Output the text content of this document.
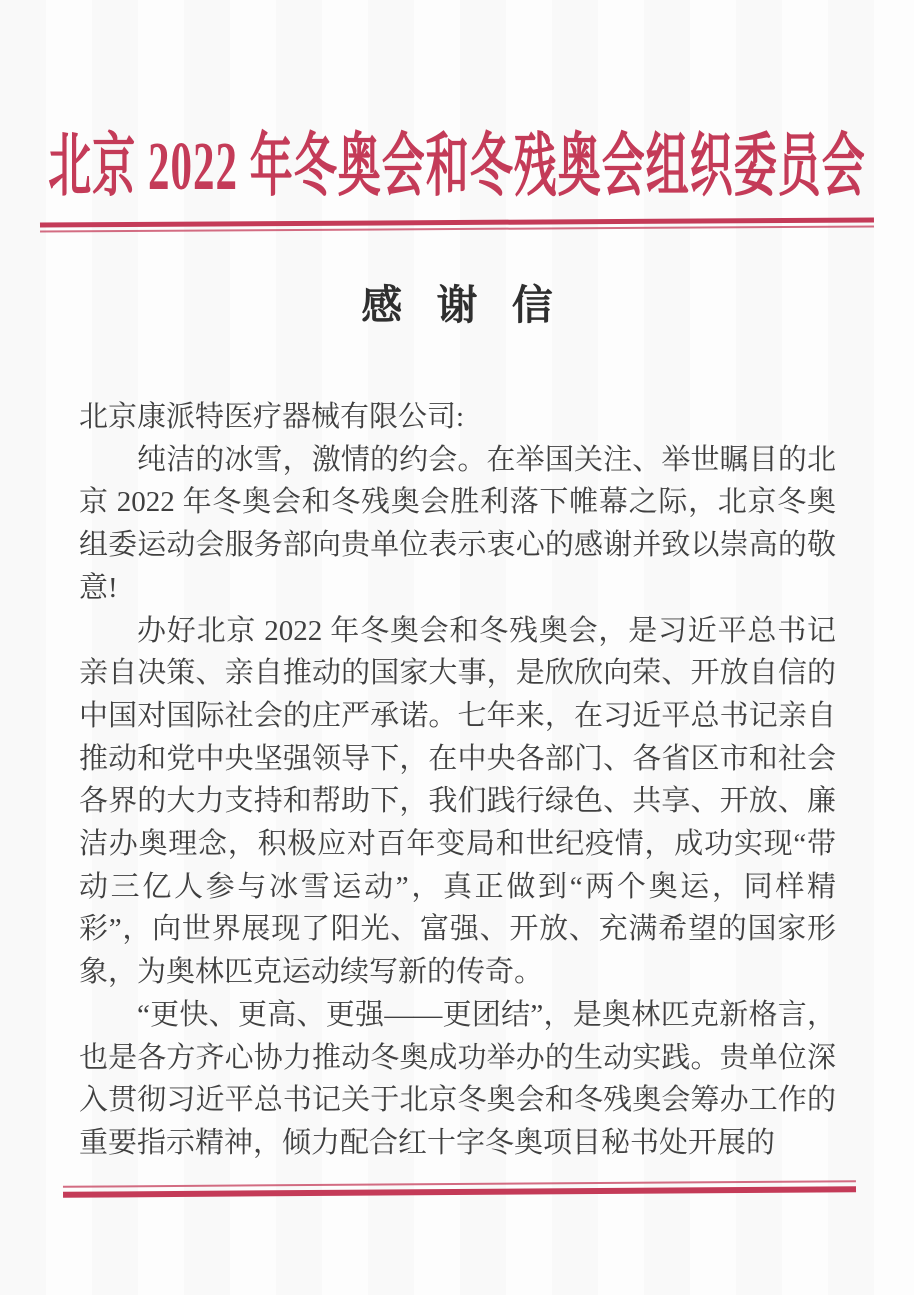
北京 2022 年冬奥会和冬残奥会组织委员会
感 谢 信

北京康派特医疗器械有限公司:

纯洁的冰雪，激情的约会。在举国关注、举世瞩目的北京 2022 年冬奥会和冬残奥会胜利落下帷幕之际，北京冬奥组委运动会服务部向贵单位表示衷心的感谢并致以崇高的敬意!

办好北京 2022 年冬奥会和冬残奥会，是习近平总书记亲自决策、亲自推动的国家大事，是欣欣向荣、开放自信的中国对国际社会的庄严承诺。七年来，在习近平总书记亲自推动和党中央坚强领导下，在中央各部门、各省区市和社会各界的大力支持和帮助下，我们践行绿色、共享、开放、廉洁办奥理念，积极应对百年变局和世纪疫情，成功实现“带动三亿人参与冰雪运动”，真正做到“两个奥运，同样精彩”，向世界展现了阳光、富强、开放、充满希望的国家形象，为奥林匹克运动续写新的传奇。

“更快、更高、更强——更团结”，是奥林匹克新格言，也是各方齐心协力推动冬奥成功举办的生动实践。贵单位深入贯彻习近平总书记关于北京冬奥会和冬残奥会筹办工作的重要指示精神，倾力配合红十字冬奥项目秘书处开展的
